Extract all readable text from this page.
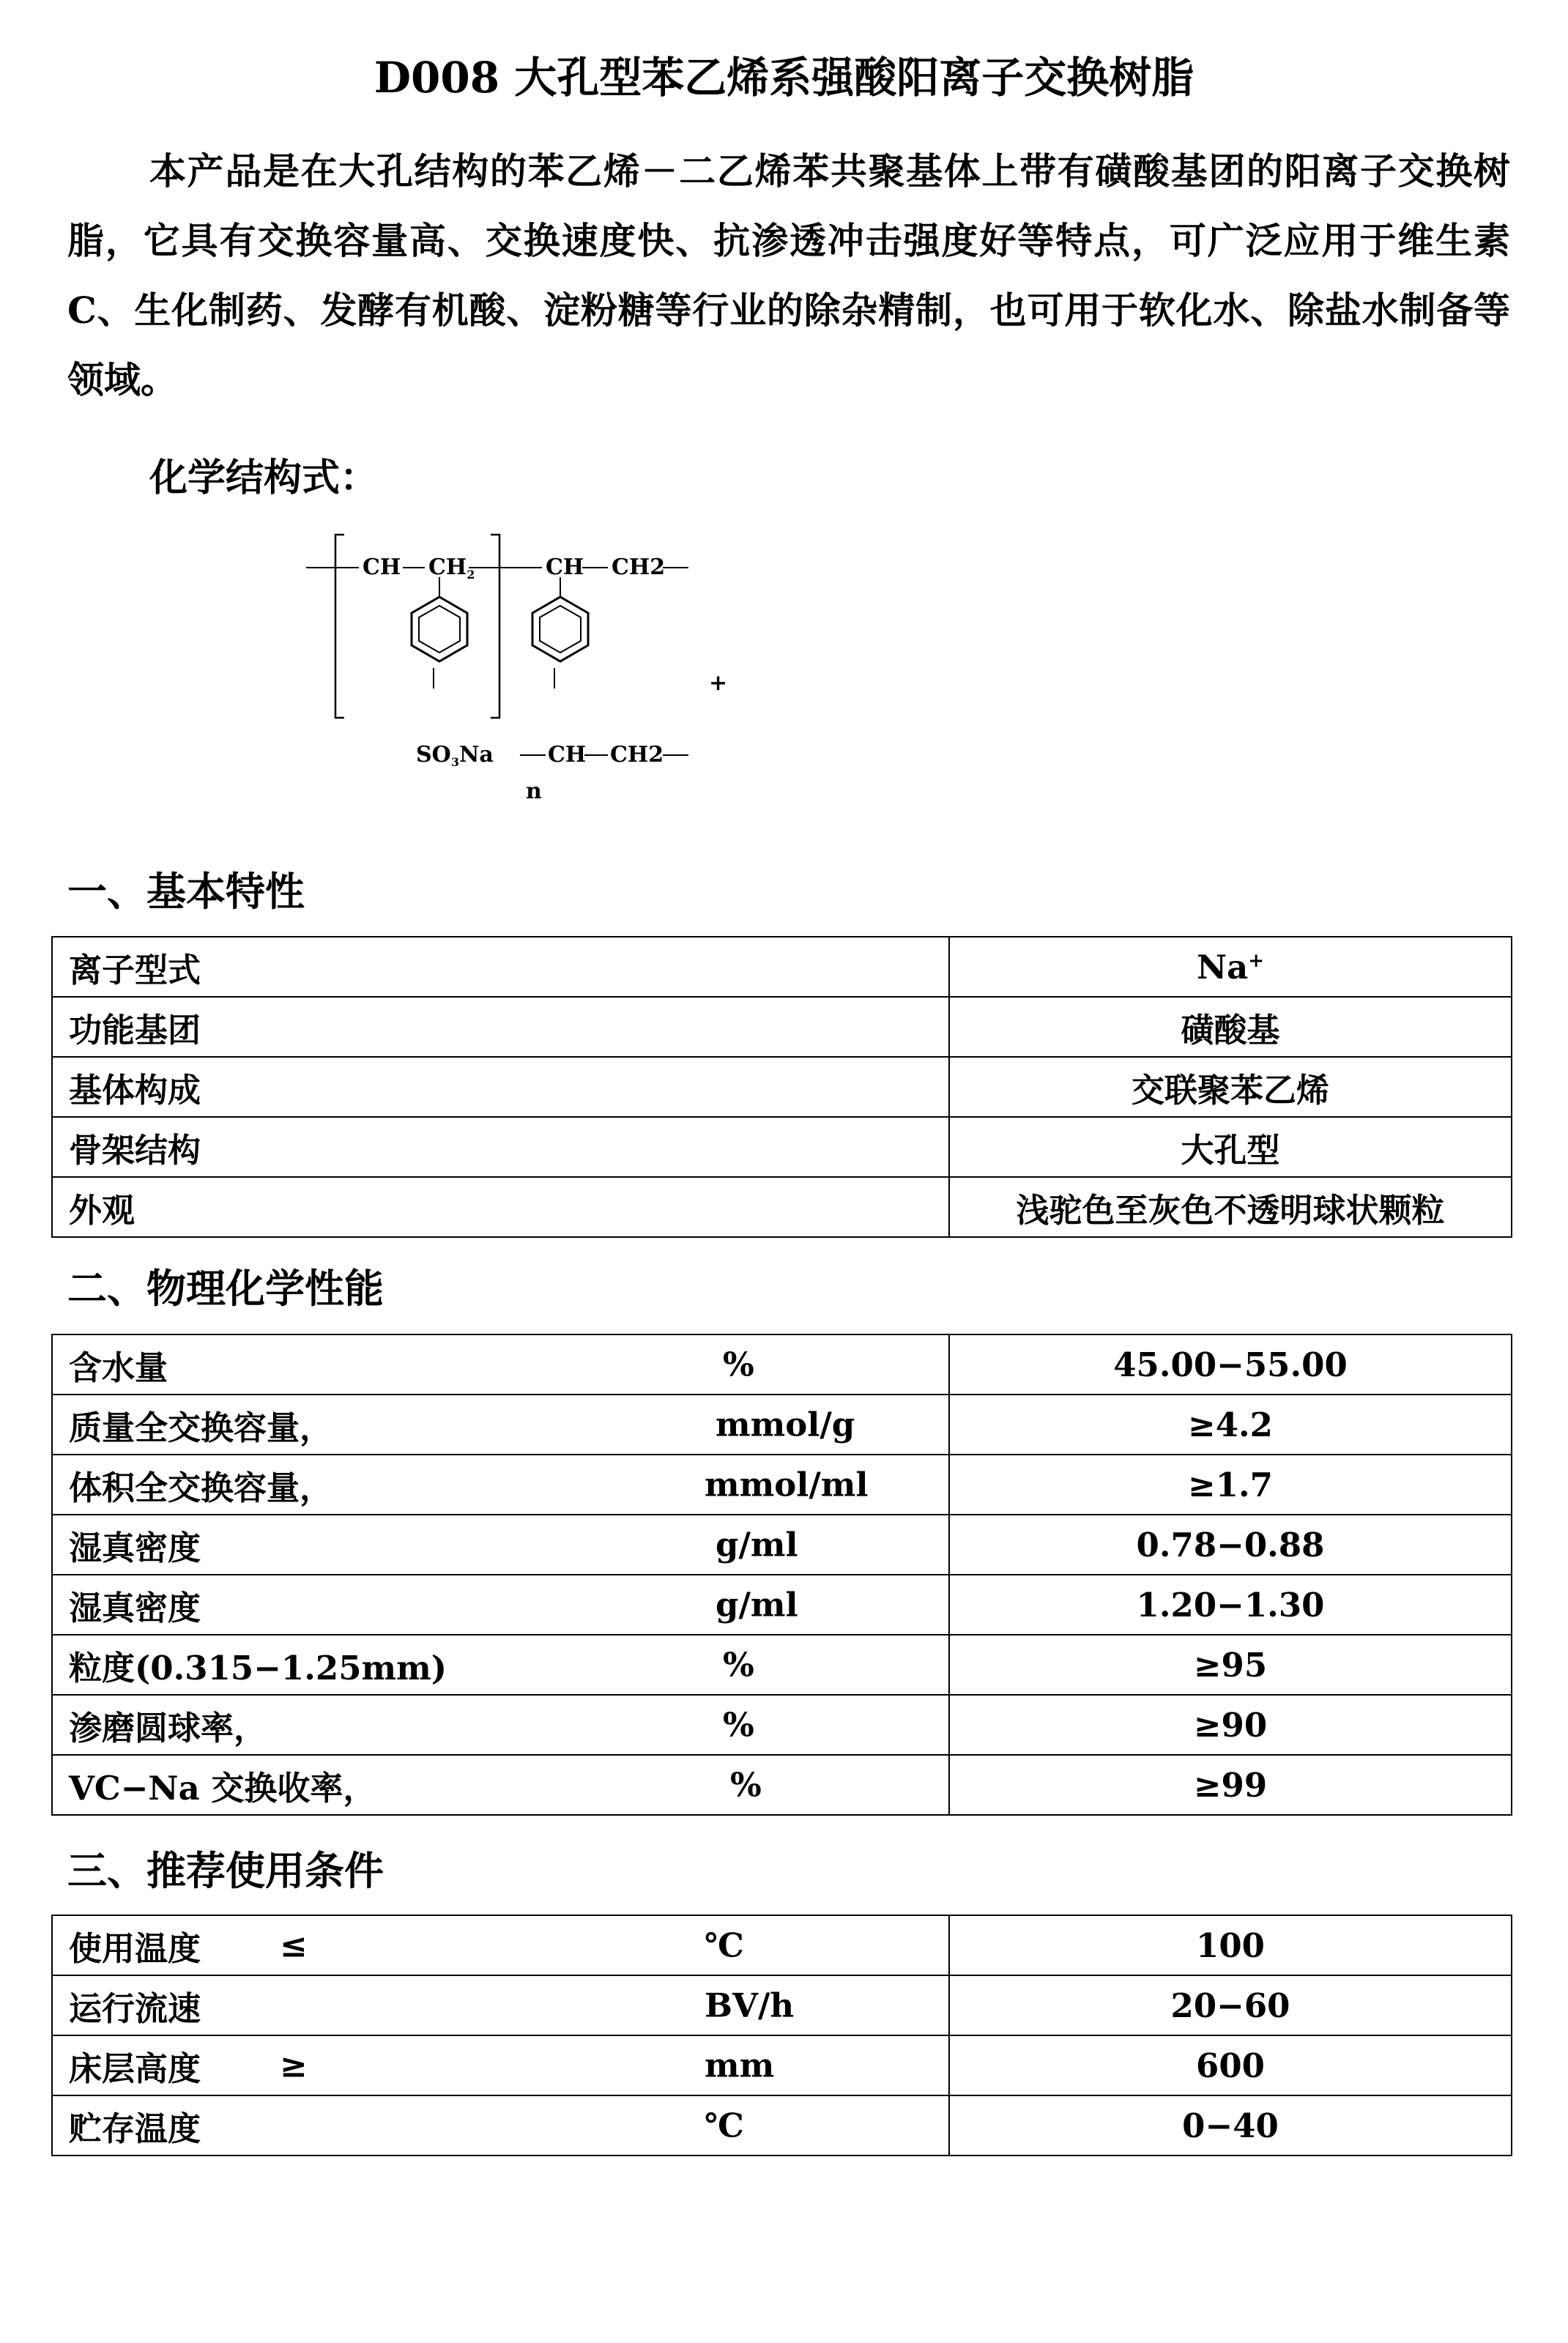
D008 大孔型苯乙烯系强酸阳离子交换树脂

本产品是在大孔结构的苯乙烯－二乙烯苯共聚基体上带有磺酸基团的阳离子交换树脂，它具有交换容量高、交换速度快、抗渗透冲击强度好等特点，可广泛应用于维生素 C、生化制药、发酵有机酸、淀粉糖等行业的除杂精制，也可用于软化水、除盐水制备等领域。

化学结构式：
CH $CH_2$	CH CH2
+
$SO_3Na$ CH CH2
n
一、基本特性
离子型式	Na+
功能基团	磺酸基
基体构成	交联聚苯乙烯
骨架结构	大孔型
外观	浅驼色至灰色不透明球状颗粒
二、物理化学性能
含水量 %	45.00−55.00
质量全交换容量， mmol/g	≥4.2
体积全交换容量， mmol/ml	≥1.7
湿真密度 g/ml	0.78−0.88
湿真密度 g/ml	1.20−1.30
粒度(0.315−1.25mm) %	≥95
渗磨圆球率， %	≥90
VC−Na 交换收率， %	≥99
三、推荐使用条件
使用温度 ≤ ℃	100
运行流速 BV/h	20−60
床层高度 ≥ mm	600
贮存温度 ℃	0−40
